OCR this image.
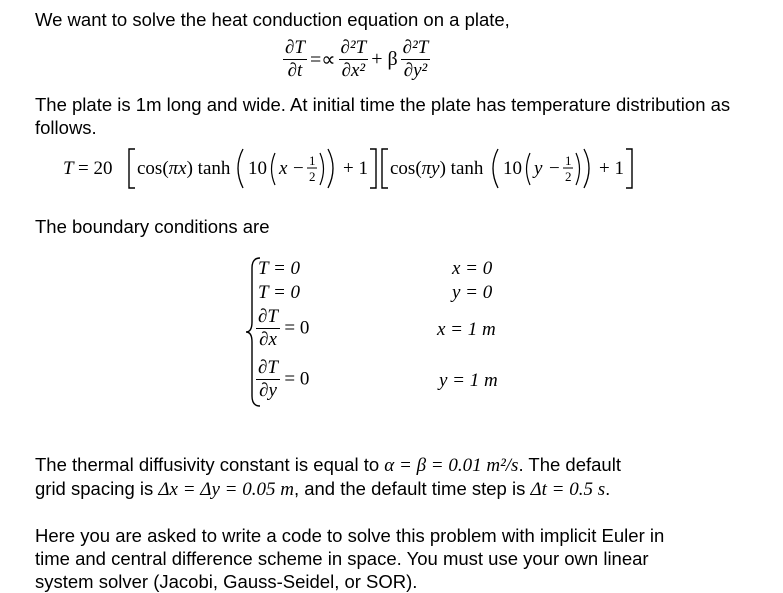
We want to solve the heat conduction equation on a plate,
$\frac{\partial T}{\partial t} =\propto \frac{\text{∂²T}}{\text{∂x²}} + \beta \frac{\text{∂²T}}{\text{∂y²}}$
The plate is 1m long and wide. At initial time the plate has temperature distribution as follows.
T = 20 cos(πx) tanh 10 x − 1
2 + 1 cos(πy) tanh 10 y − 1
2 + 1
The boundary conditions are
T = 0
T = 0
$\frac{\partial T}{\partial x} = 0$
$\frac{\partial T}{\partial y} = 0$
x = 0
y = 0
x = 1 m
y = 1 m
The thermal diffusivity constant is equal to α = β = 0.01 m²/s. The default
grid spacing is Δx = Δy = 0.05 m, and the default time step is Δt = 0.5 s.
Here you are asked to write a code to solve this problem with implicit Euler in
time and central difference scheme in space. You must use your own linear
system solver (Jacobi, Gauss-Seidel, or SOR).
